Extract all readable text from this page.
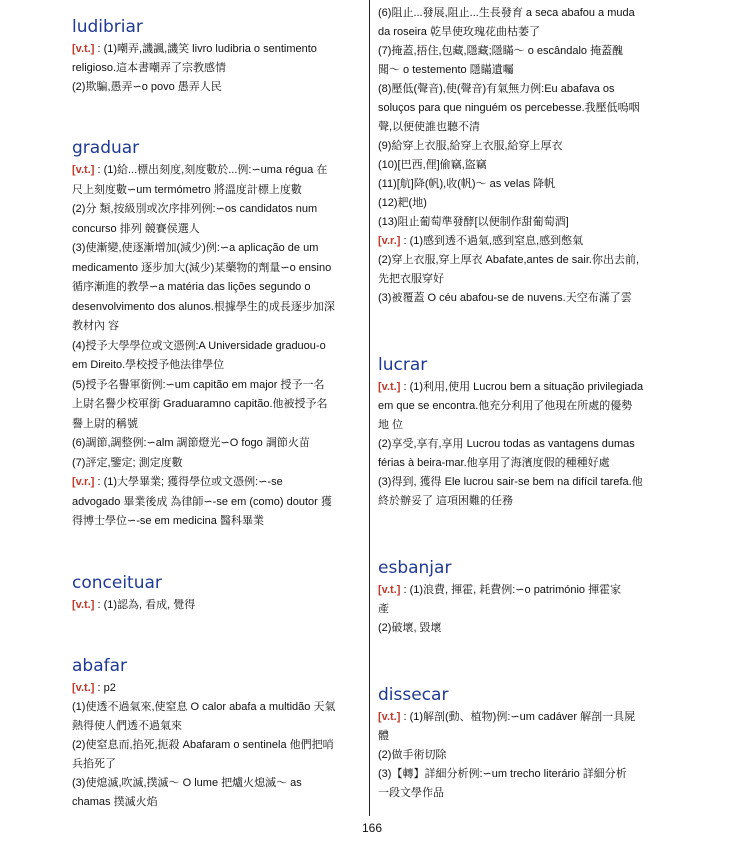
ludibriar

[v.t.] : (1)嘲弄,譏諷,譏笑 livro ludibria o sentimento

religioso.這本書嘲弄了宗教感情

(2)欺騙,愚弄∽o povo 愚弄人民

graduar

[v.t.] : (1)給...標出刻度,刻度數於...例:∽uma régua 在

尺上刻度數∽um termómetro 將溫度計標上度數

(2)分 類,按級別或次序排列例:∽os candidatos num

concurso 排列 競賽侯選人

(3)使漸變,使逐漸增加(減少)例:∽a aplicação de um

medicamento 逐步加大(減少)某藥物的劑量∽o ensino

循序漸進的教學∽a matéria das lições segundo o

desenvolvimento dos alunos.根據學生的成長逐步加深

教材內 容

(4)授予大學學位或文憑例:A Universidade graduou-o

em Direito.學校授予他法律學位

(5)授予名譽軍銜例:∽um capitão em major 授予一名

上尉名譽少校軍銜 Graduaramno capitão.他被授予名

譽上尉的稱號

(6)調節,調整例:∽alm 調節燈光∽O fogo 調節火苗

(7)評定,鑒定; 測定度數

[v.r.] : (1)大學畢業; 獲得學位或文憑例:∽-se

advogado 畢業後成 為律師∽-se em (como) doutor 獲

得博士學位∽-se em medicina 醫科畢業

conceituar

[v.t.] : (1)認為, 看成, 覺得

abafar

[v.t.] : p2

(1)使透不過氣來,使窒息 O calor abafa a multidão 天氣

熱得使人們透不過氣來

(2)使窒息而,掐死,扼殺 Abafaram o sentinela 他們把哨

兵掐死了

(3)使熄滅,吹滅,撲滅～ O lume 把爐火熄滅～ as

chamas 撲滅火焰

(6)阻止...發展,阻止...生長發育 a seca abafou a muda

da roseira 乾旱使玫瑰花曲枯萎了

(7)掩蓋,捂住,包藏,隱藏;隱瞞～ o escândalo 掩蓋醜

聞～ o testemento 隱瞞遺囑

(8)壓低(聲音),使(聲音)有氣無力例:Eu abafava os

soluços para que ninguém os percebesse.我壓低嗚咽

聲,以便使誰也聽不清

(9)給穿上衣服,給穿上衣服,給穿上厚衣

(10)[巴西,俚]偷竊,盜竊

(11)[航]降(帆),收(帆)～ as velas 降帆

(12)耙(地)

(13)阻止葡萄準發酵[以便制作甜葡萄酒]

[v.r.] : (1)感到透不過氣,感到窒息,感到憋氣

(2)穿上衣服,穿上厚衣 Abafate,antes de sair.你出去前,

先把衣服穿好

(3)被覆蓋 O céu abafou-se de nuvens.天空布滿了雲

lucrar

[v.t.] : (1)利用,使用 Lucrou bem a situação privilegiada

em que se encontra.他充分利用了他現在所處的優勢

地 位

(2)享受,享有,享用 Lucrou todas as vantagens dumas

férias à beira-mar.他享用了海濱度假的種種好處

(3)得到, 獲得 Ele lucrou sair-se bem na difícil tarefa.他

終於辦妥了 這項困難的任務

esbanjar

[v.t.] : (1)浪費, 揮霍, 耗費例:∽o património 揮霍家

產

(2)破壞, 毀壞

dissecar

[v.t.] : (1)解剖(動、植物)例:∽um cadáver 解剖一具屍

體

(2)做手術切除

(3)【轉】詳細分析例:∽um trecho literário 詳細分析

一段文學作品

166
